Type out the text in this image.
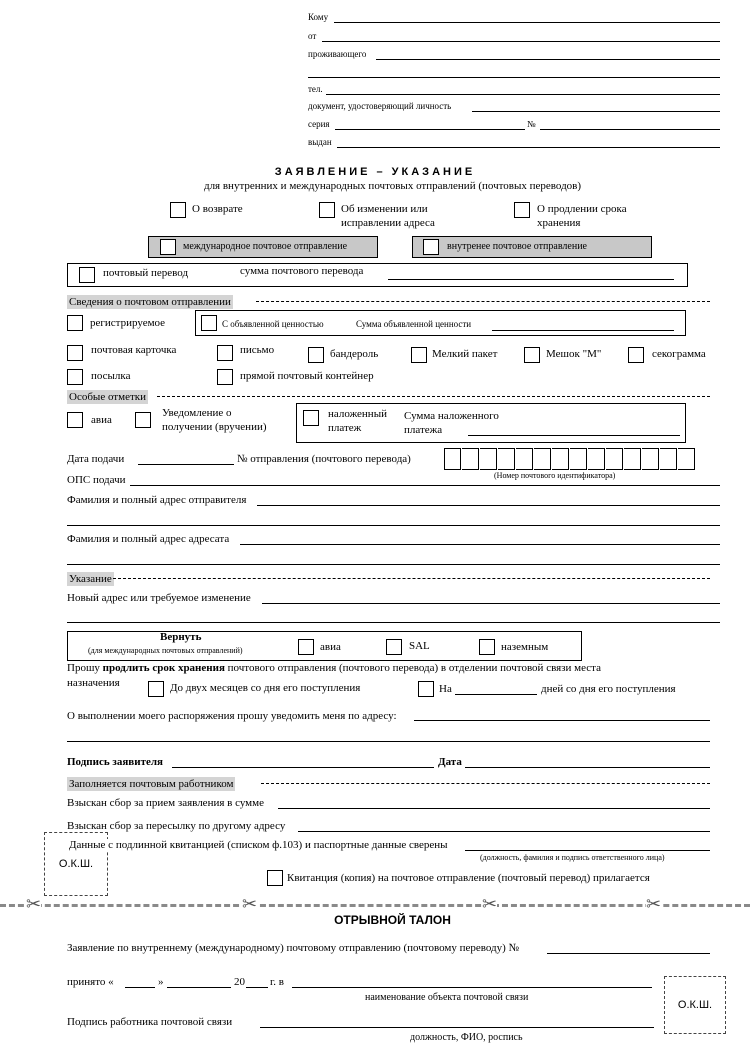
Кому
от
проживающего
тел.
документ, удостоверяющий личность
серия	№
выдан
ЗАЯВЛЕНИЕ – УКАЗАНИЕ
для внутренних и международных почтовых отправлений (почтовых переводов)
О возврате	Об изменении или
исправлении адреса
О продлении срока
хранения
международное почтовое отправление	внутренее почтовое отправление
почтовый перевод	сумма почтового перевода
Сведения о почтовом отправлении
регистрируемое	С объявленной ценностью	Сумма объявленной ценности
почтовая карточка	письмо	бандероль	Мелкий пакет	Мешок "М"	секограмма
посылка	прямой почтовый контейнер
Особые отметки
авиа
Уведомление о
получении (вручении)
наложенный
платеж
Сумма наложенного
платежа
Дата подачи	№ отправления (почтового перевода)
(Номер почтового идентификатора)
ОПС подачи
Фамилия и полный адрес отправителя
Фамилия и полный адрес адресата
Указание
Новый адрес или требуемое изменение
Вернуть
(для международных почтовых отправлений)	авиа	SAL	наземным
Прошу продлить срок хранения почтового отправления (почтового перевода) в отделении почтовой связи места
назначения	До двух месяцев со дня его поступления	На	дней со дня его поступления
О выполнении моего распоряжения прошу уведомить меня по адресу:
Подпись заявителя	Дата
Заполняется почтовым работником
Взыскан сбор за прием заявления в сумме
Взыскан сбор за пересылку по другому адресу
О.К.Ш.
Данные с подлинной квитанцией (списком ф.103) и паспортные данные сверены
(должность, фамилия и подпись ответственного лица)
Квитанция (копия) на почтовое отправление (почтовый перевод) прилагается
✂	✂	✂	✂
ОТРЫВНОЙ ТАЛОН
Заявление по внутреннему (международному) почтовому отправлению (почтовому переводу) №
принято «	»	20 г. в
наименование объекта почтовой связи
О.К.Ш.
Подпись работника почтовой связи
должность, ФИО, роспись
